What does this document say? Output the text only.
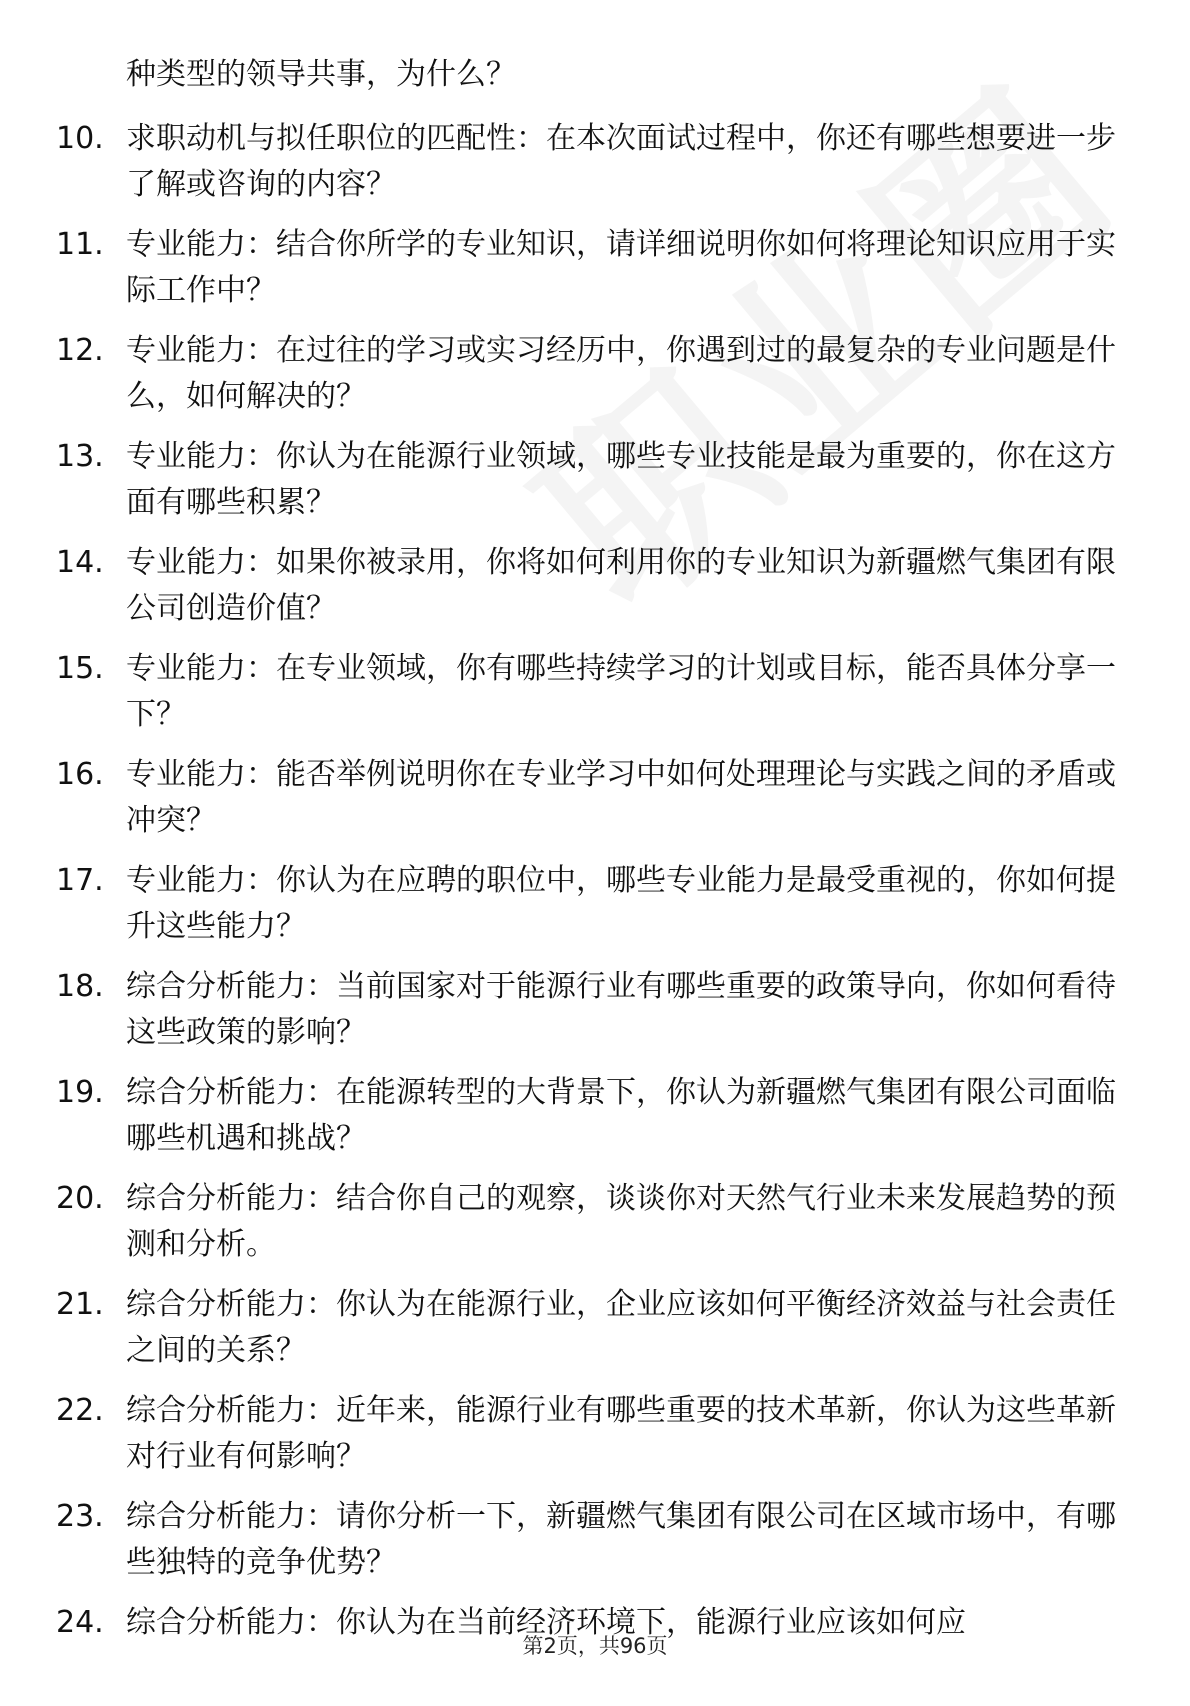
种类型的领导共事，为什么？
10. 求职动机与拟任职位的匹配性：在本次面试过程中，你还有哪些想要进一步了解或咨询的内容？
11. 专业能力：结合你所学的专业知识，请详细说明你如何将理论知识应用于实际工作中？
12. 专业能力：在过往的学习或实习经历中，你遇到过的最复杂的专业问题是什么，如何解决的？
13. 专业能力：你认为在能源行业领域，哪些专业技能是最为重要的，你在这方面有哪些积累？
14. 专业能力：如果你被录用，你将如何利用你的专业知识为新疆燃气集团有限公司创造价值？
15. 专业能力：在专业领域，你有哪些持续学习的计划或目标，能否具体分享一下？
16. 专业能力：能否举例说明你在专业学习中如何处理理论与实践之间的矛盾或冲突？
17. 专业能力：你认为在应聘的职位中，哪些专业能力是最受重视的，你如何提升这些能力？
18. 综合分析能力：当前国家对于能源行业有哪些重要的政策导向，你如何看待这些政策的影响？
19. 综合分析能力：在能源转型的大背景下，你认为新疆燃气集团有限公司面临哪些机遇和挑战？
20. 综合分析能力：结合你自己的观察，谈谈你对天然气行业未来发展趋势的预测和分析。
21. 综合分析能力：你认为在能源行业，企业应该如何平衡经济效益与社会责任之间的关系？
22. 综合分析能力：近年来，能源行业有哪些重要的技术革新，你认为这些革新对行业有何影响？
23. 综合分析能力：请你分析一下，新疆燃气集团有限公司在区域市场中，有哪些独特的竞争优势？
24. 综合分析能力：你认为在当前经济环境下，能源行业应该如何应
第2页，共96页
